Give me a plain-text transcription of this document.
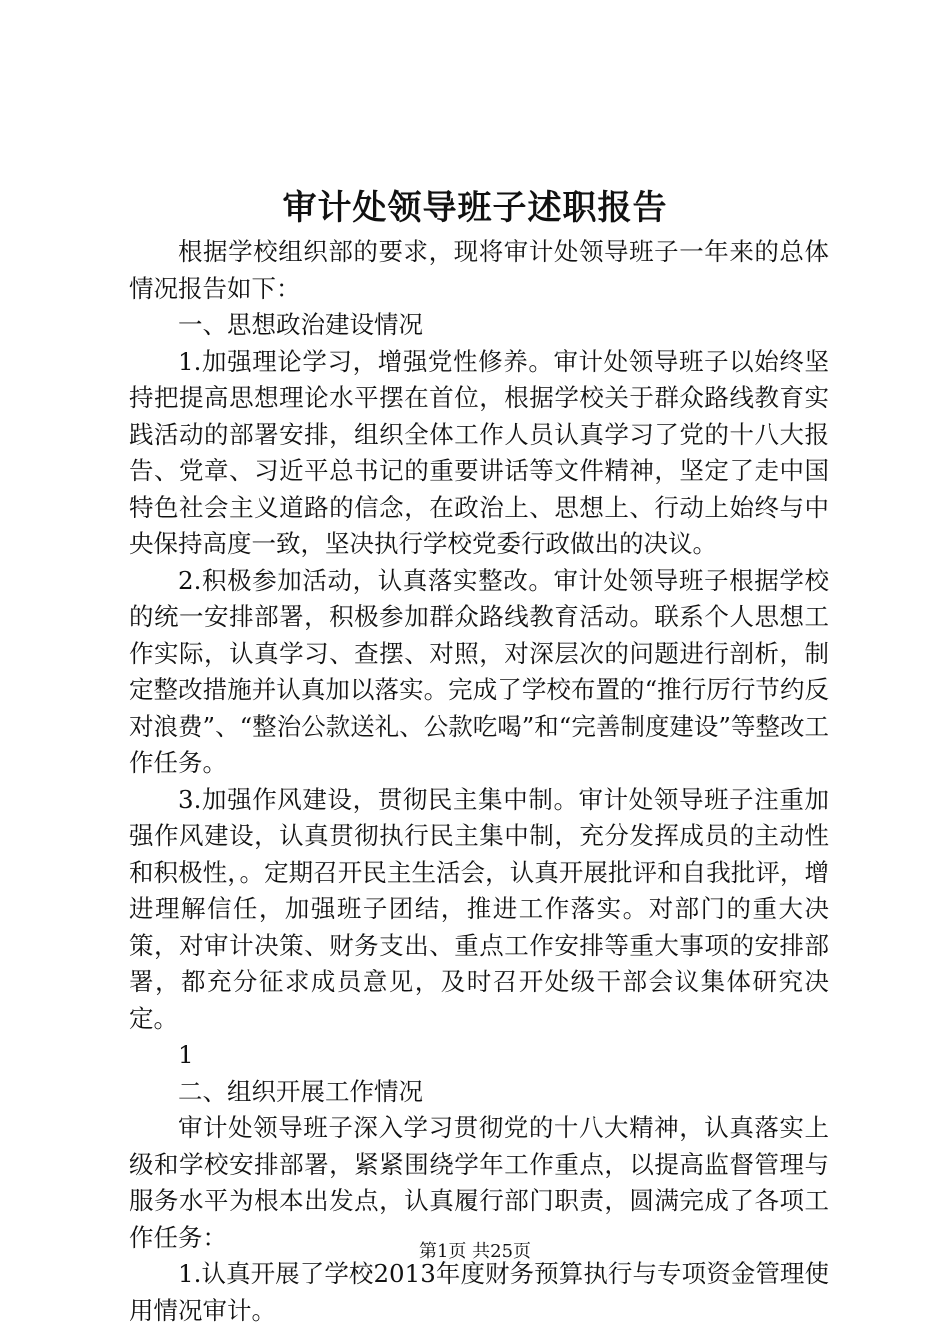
审计处领导班子述职报告

根据学校组织部的要求，现将审计处领导班子一年来的总体情况报告如下：

一、思想政治建设情况

1.加强理论学习，增强党性修养。审计处领导班子以始终坚持把提高思想理论水平摆在首位，根据学校关于群众路线教育实践活动的部署安排，组织全体工作人员认真学习了党的十八大报告、党章、习近平总书记的重要讲话等文件精神，坚定了走中国特色社会主义道路的信念，在政治上、思想上、行动上始终与中央保持高度一致，坚决执行学校党委行政做出的决议。

2.积极参加活动，认真落实整改。审计处领导班子根据学校的统一安排部署，积极参加群众路线教育活动。联系个人思想工作实际，认真学习、查摆、对照，对深层次的问题进行剖析，制定整改措施并认真加以落实。完成了学校布置的“推行厉行节约反对浪费”、“整治公款送礼、公款吃喝”和“完善制度建设”等整改工作任务。

3.加强作风建设，贯彻民主集中制。审计处领导班子注重加强作风建设，认真贯彻执行民主集中制，充分发挥成员的主动性和积极性，。定期召开民主生活会，认真开展批评和自我批评，增进理解信任，加强班子团结，推进工作落实。对部门的重大决策，对审计决策、财务支出、重点工作安排等重大事项的安排部署，都充分征求成员意见，及时召开处级干部会议集体研究决定。

1

二、组织开展工作情况

审计处领导班子深入学习贯彻党的十八大精神，认真落实上级和学校安排部署，紧紧围绕学年工作重点，以提高监督管理与服务水平为根本出发点，认真履行部门职责，圆满完成了各项工作任务：

1.认真开展了学校2013年度财务预算执行与专项资金管理使用情况审计。

第1页 共25页
